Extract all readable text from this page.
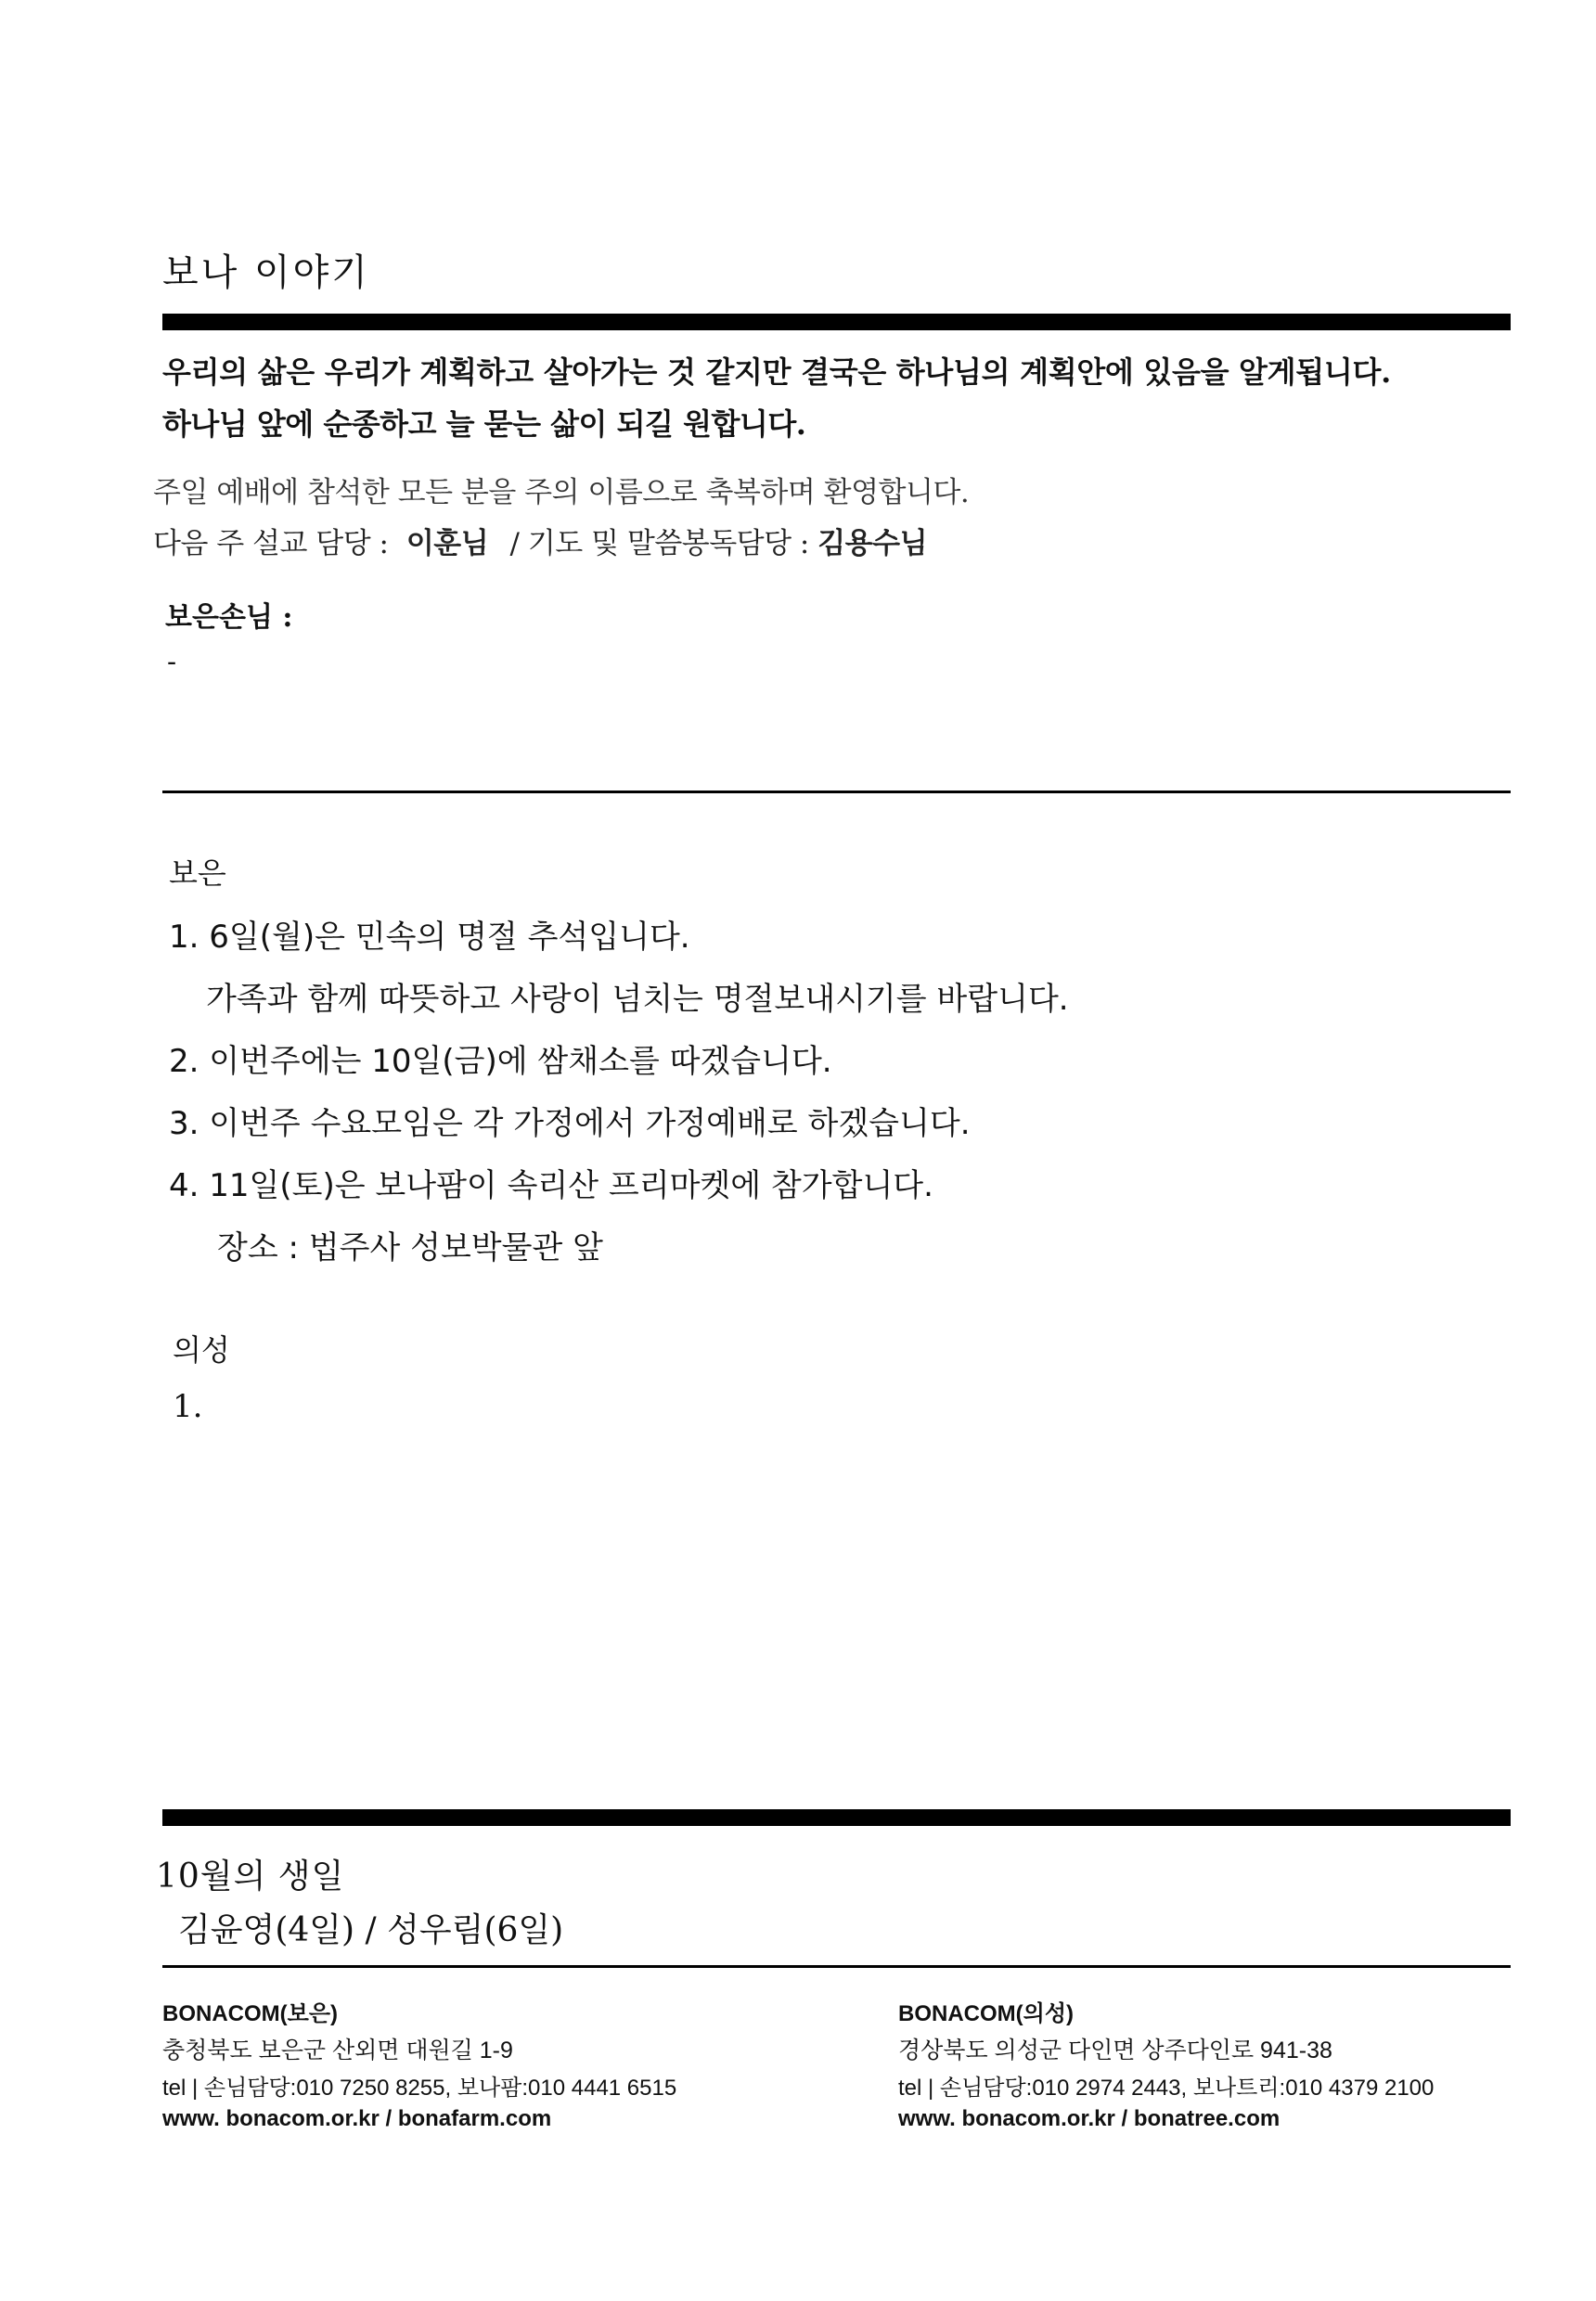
보나 이야기
우리의 삶은 우리가 계획하고 살아가는 것 같지만 결국은 하나님의 계획안에 있음을 알게됩니다.
하나님 앞에 순종하고 늘 묻는 삶이 되길 원합니다.
주일 예배에 참석한 모든 분을 주의 이름으로 축복하며 환영합니다.
다음 주 설교 담당 : 이훈님 / 기도 및 말씀봉독담당 : 김용수님
보은손님 :
-
보은
1. 6일(월)은 민속의 명절 추석입니다.
가족과 함께 따뜻하고 사랑이 넘치는 명절보내시기를 바랍니다.
2. 이번주에는 10일(금)에 쌈채소를 따겠습니다.
3. 이번주 수요모임은 각 가정에서 가정예배로 하겠습니다.
4. 11일(토)은 보나팜이 속리산 프리마켓에 참가합니다.
장소 : 법주사 성보박물관 앞
의성
1.
10월의 생일
김윤영(4일) / 성우림(6일)
BONACOM(보은)
충청북도 보은군 산외면 대원길 1-9
tel | 손님담당:010 7250 8255, 보나팜:010 4441 6515
www. bonacom.or.kr / bonafarm.com
BONACOM(의성)
경상북도 의성군 다인면 상주다인로 941-38
tel | 손님담당:010 2974 2443, 보나트리:010 4379 2100
www. bonacom.or.kr / bonatree.com
